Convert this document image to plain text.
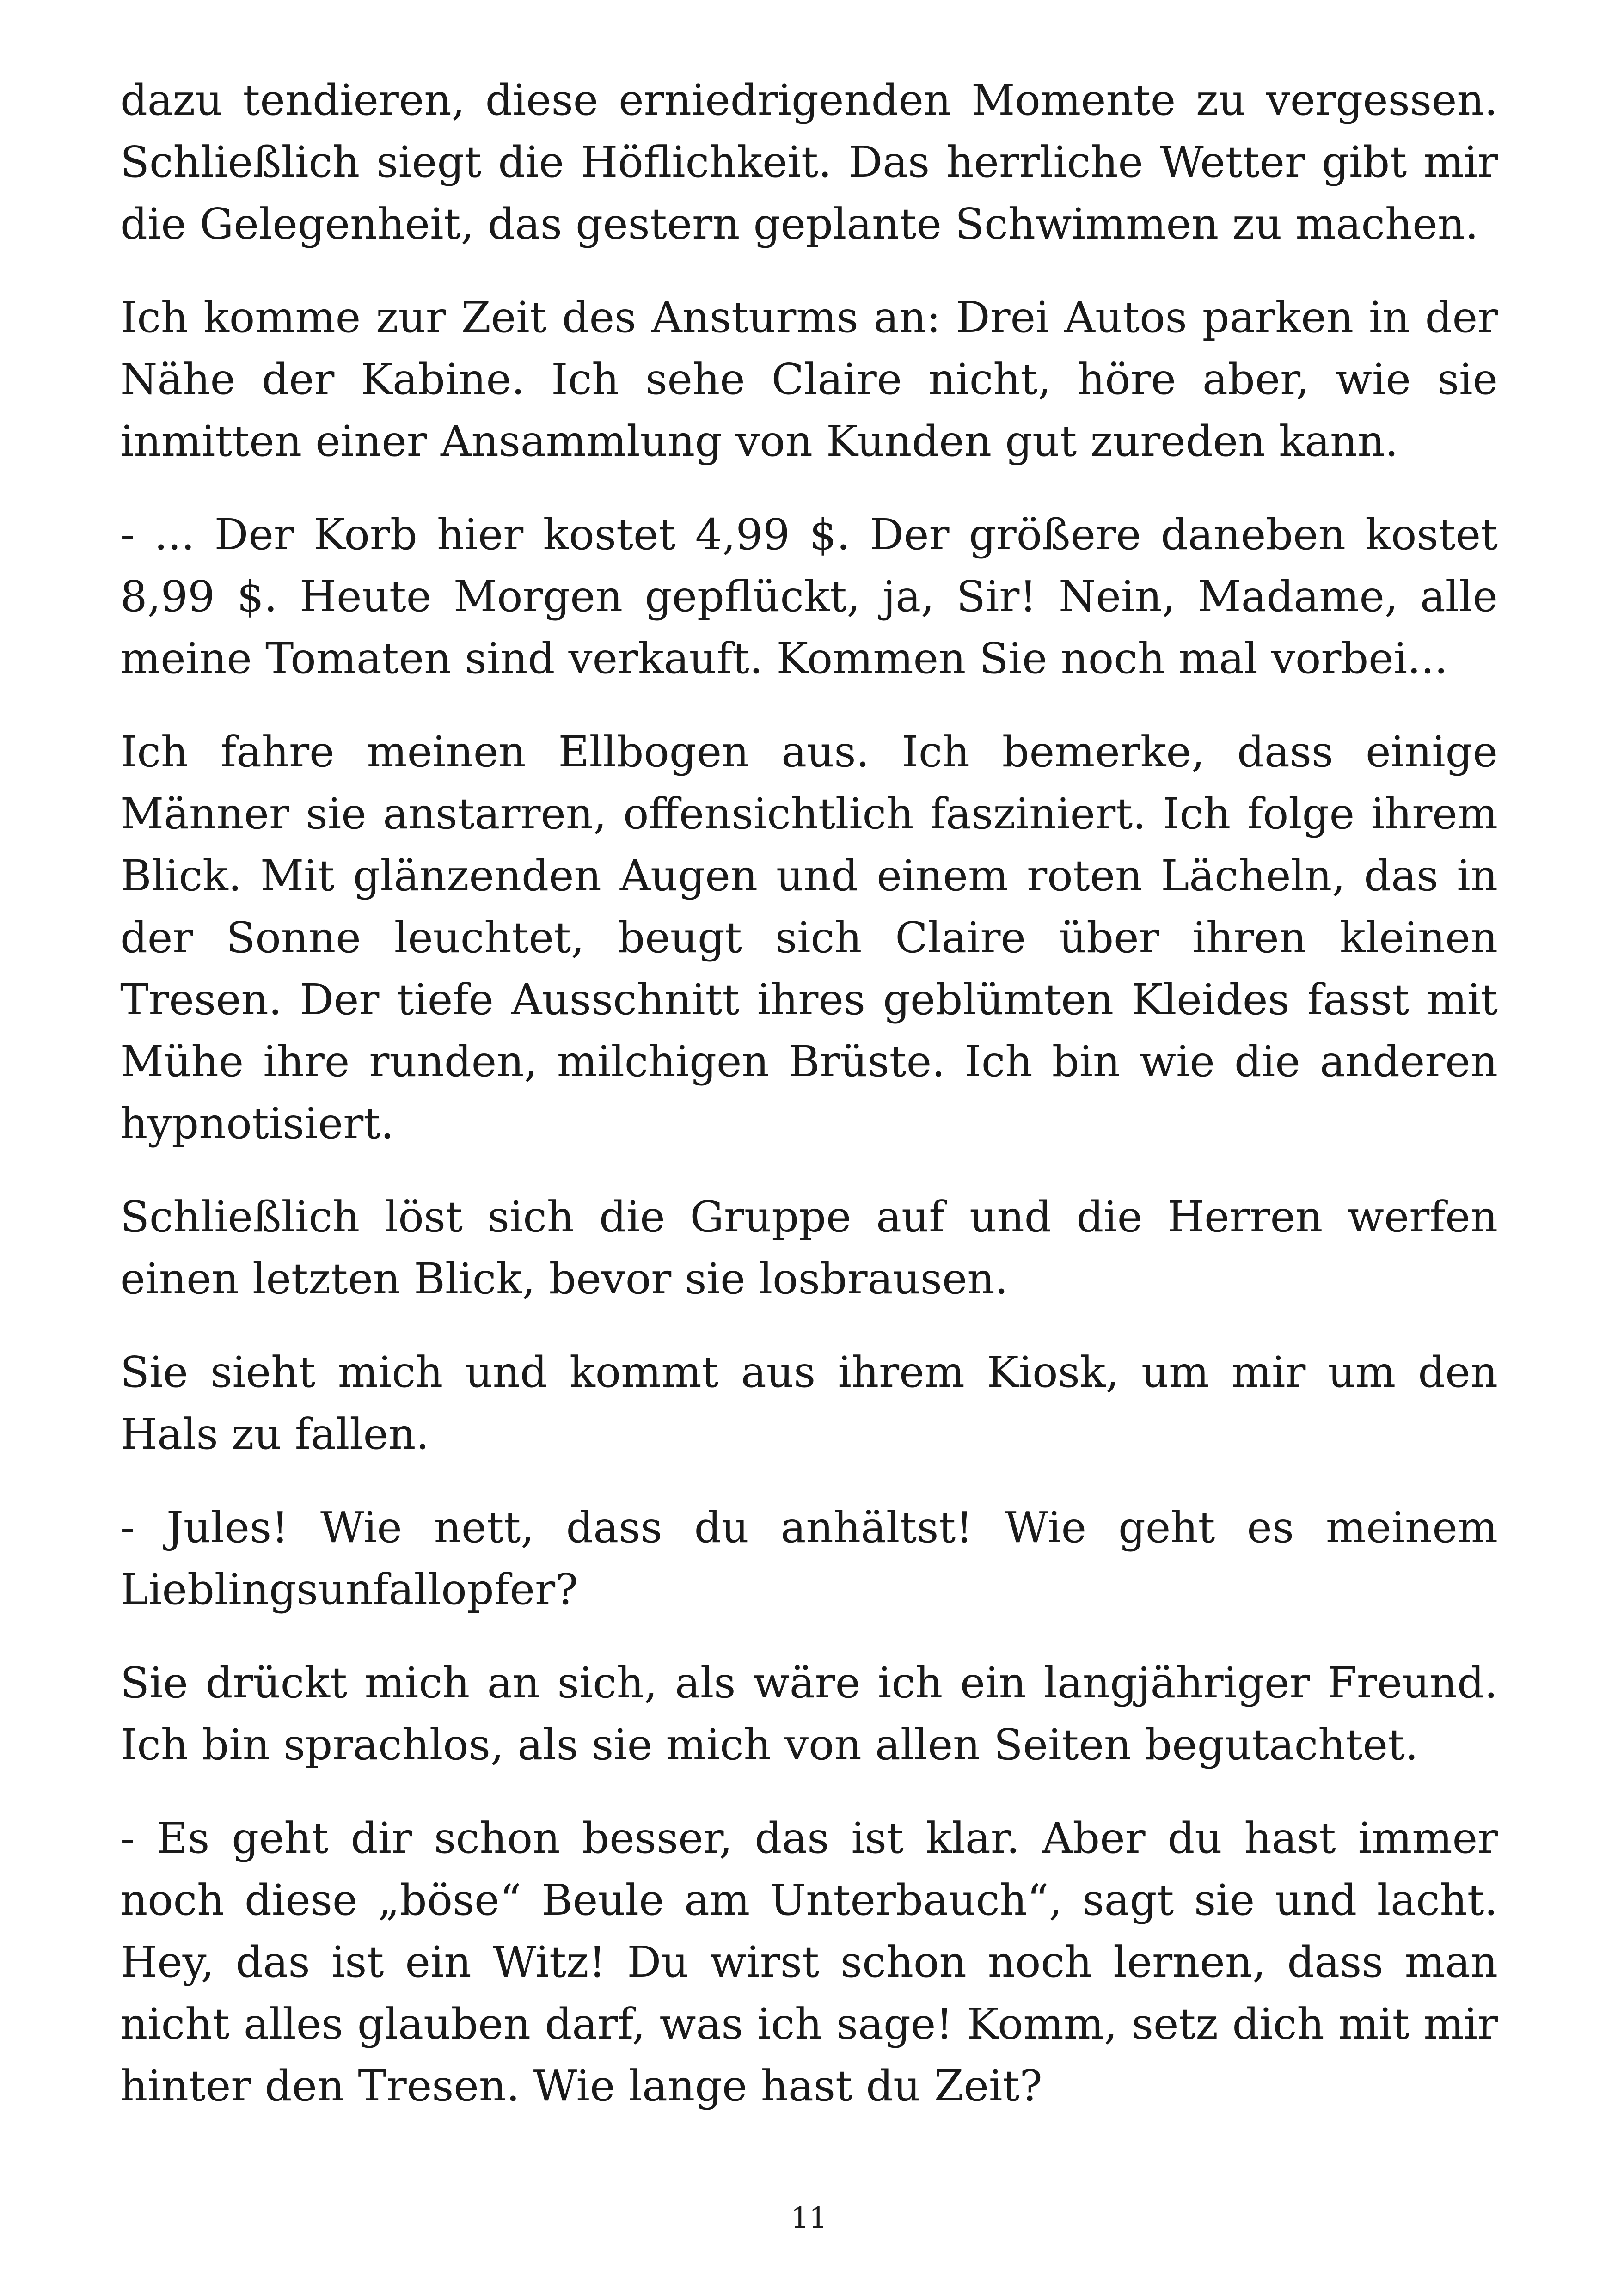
dazu tendieren, diese erniedrigenden Momente zu vergessen. Schließlich siegt die Höflichkeit. Das herrliche Wetter gibt mir die Gelegenheit, das gestern geplante Schwimmen zu machen.

Ich komme zur Zeit des Ansturms an: Drei Autos parken in der Nähe der Kabine. Ich sehe Claire nicht, höre aber, wie sie inmitten einer Ansammlung von Kunden gut zureden kann.

- ... Der Korb hier kostet 4,99 $. Der größere daneben kostet 8,99 $. Heute Morgen gepflückt, ja, Sir! Nein, Madame, alle meine Tomaten sind verkauft. Kommen Sie noch mal vorbei...

Ich fahre meinen Ellbogen aus. Ich bemerke, dass einige Männer sie anstarren, offensichtlich fasziniert. Ich folge ihrem Blick. Mit glänzenden Augen und einem roten Lächeln, das in der Sonne leuchtet, beugt sich Claire über ihren kleinen Tresen. Der tiefe Ausschnitt ihres geblümten Kleides fasst mit Mühe ihre runden, milchigen Brüste. Ich bin wie die anderen hypnotisiert.

Schließlich löst sich die Gruppe auf und die Herren werfen einen letzten Blick, bevor sie losbrausen.

Sie sieht mich und kommt aus ihrem Kiosk, um mir um den Hals zu fallen.

- Jules! Wie nett, dass du anhältst! Wie geht es meinem Lieblingsunfallopfer?

Sie drückt mich an sich, als wäre ich ein langjähriger Freund. Ich bin sprachlos, als sie mich von allen Seiten begutachtet.

- Es geht dir schon besser, das ist klar. Aber du hast immer noch diese „böse“ Beule am Unterbauch“, sagt sie und lacht. Hey, das ist ein Witz! Du wirst schon noch lernen, dass man nicht alles glauben darf, was ich sage! Komm, setz dich mit mir hinter den Tresen. Wie lange hast du Zeit?

11
